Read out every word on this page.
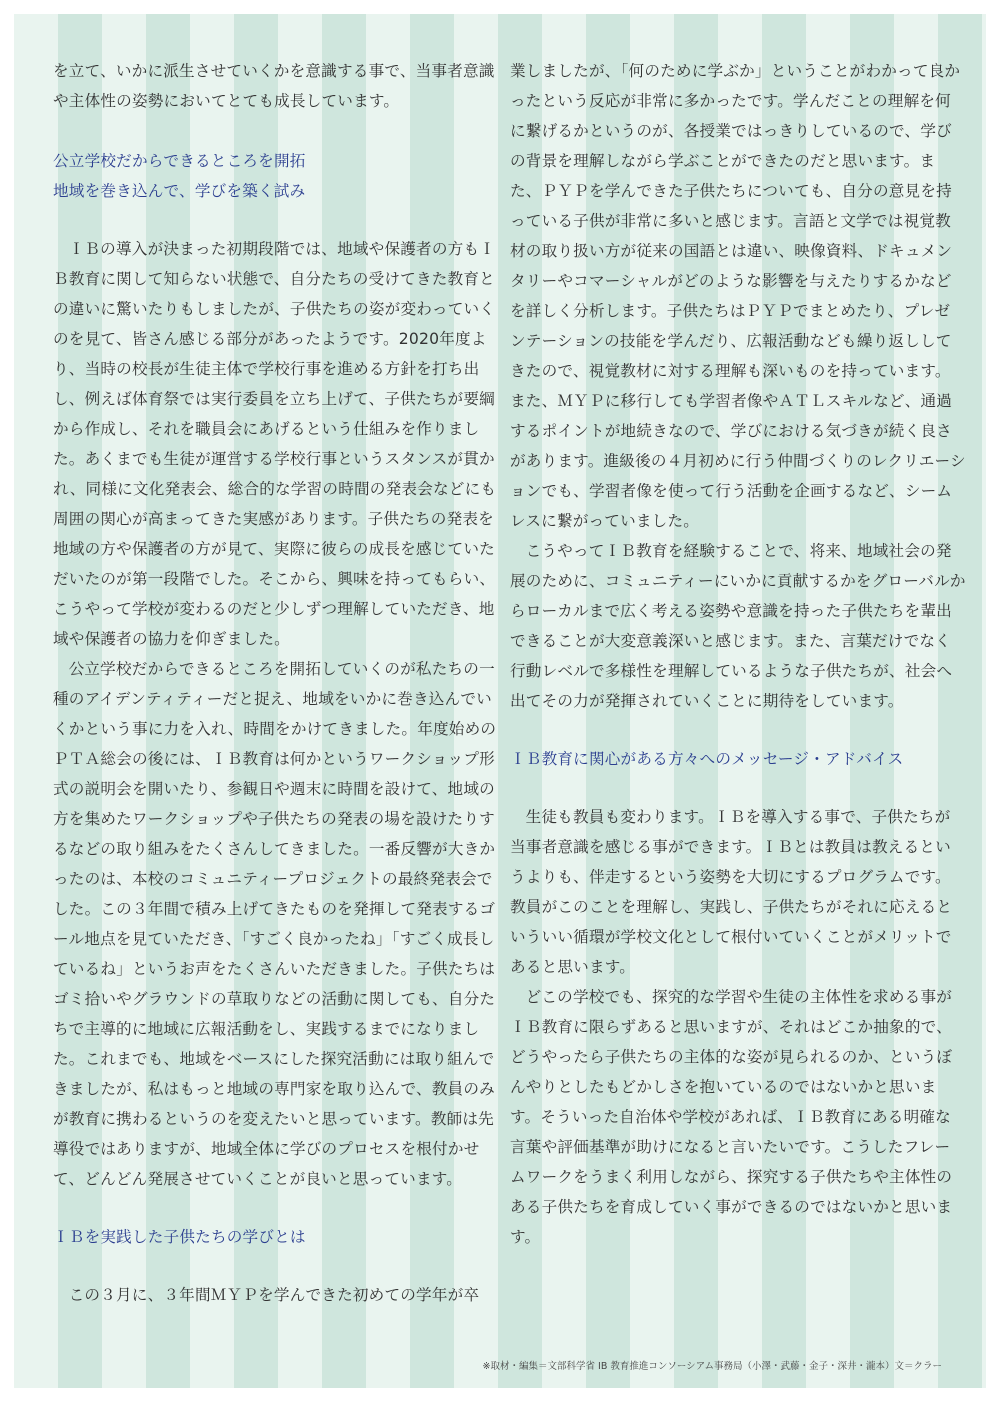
を立て、いかに派生させていくかを意識する事で、当事者意識や主体性の姿勢においてとても成長しています。

公立学校だからできるところを開拓

地域を巻き込んで、学びを築く試み

ＩＢの導入が決まった初期段階では、地域や保護者の方もＩＢ教育に関して知らない状態で、自分たちの受けてきた教育との違いに驚いたりもしましたが、子供たちの姿が変わっていくのを見て、皆さん感じる部分があったようです。2020年度より、当時の校長が生徒主体で学校行事を進める方針を打ち出し、例えば体育祭では実行委員を立ち上げて、子供たちが要綱から作成し、それを職員会にあげるという仕組みを作りました。あくまでも生徒が運営する学校行事というスタンスが貫かれ、同様に文化発表会、総合的な学習の時間の発表会などにも周囲の関心が高まってきた実感があります。子供たちの発表を地域の方や保護者の方が見て、実際に彼らの成長を感じていただいたのが第一段階でした。そこから、興味を持ってもらい、こうやって学校が変わるのだと少しずつ理解していただき、地域や保護者の協力を仰ぎました。

公立学校だからできるところを開拓していくのが私たちの一種のアイデンティティーだと捉え、地域をいかに巻き込んでいくかという事に力を入れ、時間をかけてきました。年度始めのＰＴＡ総会の後には、ＩＢ教育は何かというワークショップ形式の説明会を開いたり、参観日や週末に時間を設けて、地域の方を集めたワークショップや子供たちの発表の場を設けたりするなどの取り組みをたくさんしてきました。一番反響が大きかったのは、本校のコミュニティープロジェクトの最終発表会でした。この３年間で積み上げてきたものを発揮して発表するゴール地点を見ていただき、「すごく良かったね」「すごく成長しているね」というお声をたくさんいただきました。子供たちはゴミ拾いやグラウンドの草取りなどの活動に関しても、自分たちで主導的に地域に広報活動をし、実践するまでになりました。これまでも、地域をベースにした探究活動には取り組んできましたが、私はもっと地域の専門家を取り込んで、教員のみが教育に携わるというのを変えたいと思っています。教師は先導役ではありますが、地域全体に学びのプロセスを根付かせて、どんどん発展させていくことが良いと思っています。

ＩＢを実践した子供たちの学びとは

この３月に、３年間ＭＹＰを学んできた初めての学年が卒

業しましたが、「何のために学ぶか」ということがわかって良かったという反応が非常に多かったです。学んだことの理解を何に繋げるかというのが、各授業ではっきりしているので、学びの背景を理解しながら学ぶことができたのだと思います。また、ＰＹＰを学んできた子供たちについても、自分の意見を持っている子供が非常に多いと感じます。言語と文学では視覚教材の取り扱い方が従来の国語とは違い、映像資料、ドキュメンタリーやコマーシャルがどのような影響を与えたりするかなどを詳しく分析します。子供たちはＰＹＰでまとめたり、プレゼンテーションの技能を学んだり、広報活動なども繰り返ししてきたので、視覚教材に対する理解も深いものを持っています。また、ＭＹＰに移行しても学習者像やＡＴＬスキルなど、通過するポイントが地続きなので、学びにおける気づきが続く良さがあります。進級後の４月初めに行う仲間づくりのレクリエーションでも、学習者像を使って行う活動を企画するなど、シームレスに繋がっていました。

こうやってＩＢ教育を経験することで、将来、地域社会の発展のために、コミュニティーにいかに貢献するかをグローバルからローカルまで広く考える姿勢や意識を持った子供たちを輩出できることが大変意義深いと感じます。また、言葉だけでなく行動レベルで多様性を理解しているような子供たちが、社会へ出てその力が発揮されていくことに期待をしています。

ＩＢ教育に関心がある方々へのメッセージ・アドバイス

生徒も教員も変わります。ＩＢを導入する事で、子供たちが当事者意識を感じる事ができます。ＩＢとは教員は教えるというよりも、伴走するという姿勢を大切にするプログラムです。教員がこのことを理解し、実践し、子供たちがそれに応えるといういい循環が学校文化として根付いていくことがメリットであると思います。

どこの学校でも、探究的な学習や生徒の主体性を求める事がＩＢ教育に限らずあると思いますが、それはどこか抽象的で、どうやったら子供たちの主体的な姿が見られるのか、というぼんやりとしたもどかしさを抱いているのではないかと思います。そういった自治体や学校があれば、ＩＢ教育にある明確な言葉や評価基準が助けになると言いたいです。こうしたフレームワークをうまく利用しながら、探究する子供たちや主体性のある子供たちを育成していく事ができるのではないかと思います。

※取材・編集＝文部科学省 IB 教育推進コンソーシアム事務局（小澤・武藤・金子・深井・瀧本）文＝クラー
